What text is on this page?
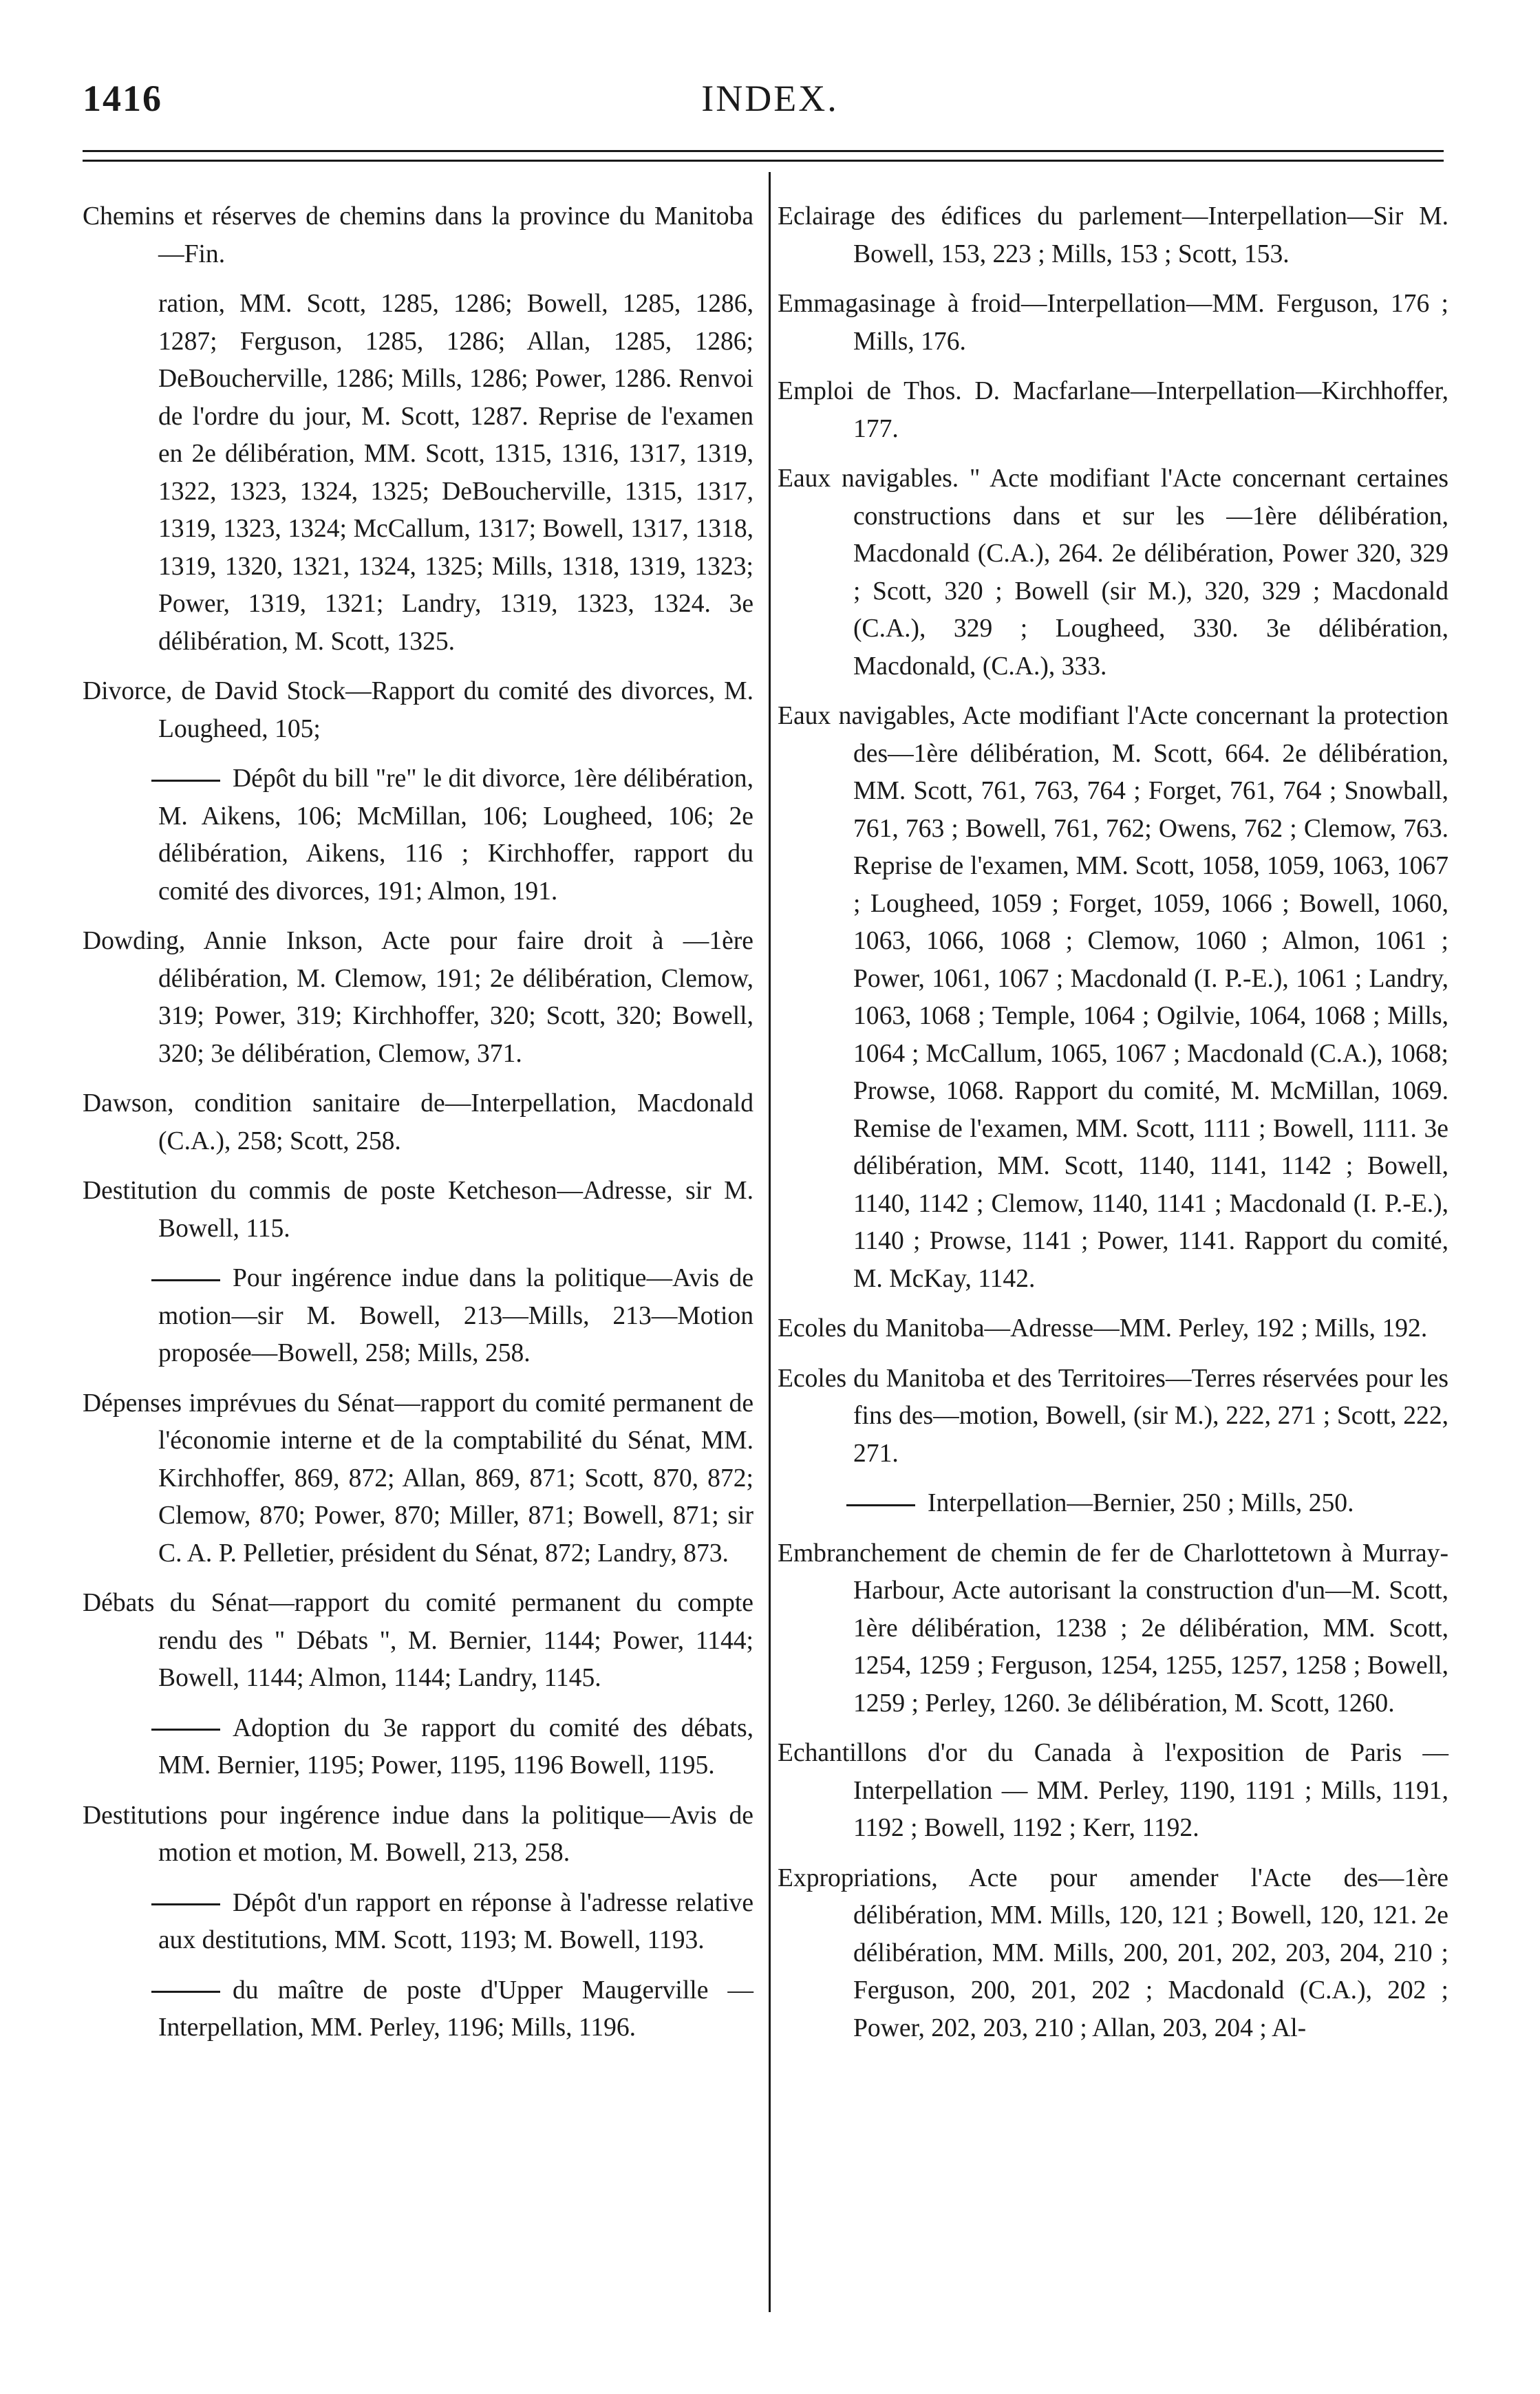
1416	INDEX.
Chemins et réserves de chemins dans la province du Manitoba—Fin.
ration, MM. Scott, 1285, 1286; Bowell, 1285, 1286, 1287; Ferguson, 1285, 1286; Allan, 1285, 1286; DeBoucherville, 1286; Mills, 1286; Power, 1286. Renvoi de l'ordre du jour, M. Scott, 1287. Reprise de l'examen en 2e délibération, MM. Scott, 1315, 1316, 1317, 1319, 1322, 1323, 1324, 1325; DeBoucherville, 1315, 1317, 1319, 1323, 1324; McCallum, 1317; Bowell, 1317, 1318, 1319, 1320, 1321, 1324, 1325; Mills, 1318, 1319, 1323; Power, 1319, 1321; Landry, 1319, 1323, 1324. 3e délibération, M. Scott, 1325.
Divorce, de David Stock—Rapport du comité des divorces, M. Lougheed, 105;
Dépôt du bill "re" le dit divorce, 1ère délibération, M. Aikens, 106; McMillan, 106; Lougheed, 106; 2e délibération, Aikens, 116 ; Kirchhoffer, rapport du comité des divorces, 191; Almon, 191.
Dowding, Annie Inkson, Acte pour faire droit à —1ère délibération, M. Clemow, 191; 2e délibération, Clemow, 319; Power, 319; Kirchhoffer, 320; Scott, 320; Bowell, 320; 3e délibération, Clemow, 371.
Dawson, condition sanitaire de—Interpellation, Macdonald (C.A.), 258; Scott, 258.
Destitution du commis de poste Ketcheson—Adresse, sir M. Bowell, 115.
Pour ingérence indue dans la politique—Avis de motion—sir M. Bowell, 213—Mills, 213—Motion proposée—Bowell, 258; Mills, 258.
Dépenses imprévues du Sénat—rapport du comité permanent de l'économie interne et de la comptabilité du Sénat, MM. Kirchhoffer, 869, 872; Allan, 869, 871; Scott, 870, 872; Clemow, 870; Power, 870; Miller, 871; Bowell, 871; sir C. A. P. Pelletier, président du Sénat, 872; Landry, 873.
Débats du Sénat—rapport du comité permanent du compte rendu des " Débats ", M. Bernier, 1144; Power, 1144; Bowell, 1144; Almon, 1144; Landry, 1145.
Adoption du 3e rapport du comité des débats, MM. Bernier, 1195; Power, 1195, 1196 Bowell, 1195.
Destitutions pour ingérence indue dans la politique—Avis de motion et motion, M. Bowell, 213, 258.
Dépôt d'un rapport en réponse à l'adresse relative aux destitutions, MM. Scott, 1193; M. Bowell, 1193.
du maître de poste d'Upper Maugerville —Interpellation, MM. Perley, 1196; Mills, 1196.
Eclairage des édifices du parlement—Interpellation—Sir M. Bowell, 153, 223 ; Mills, 153 ; Scott, 153.
Emmagasinage à froid—Interpellation—MM. Ferguson, 176 ; Mills, 176.
Emploi de Thos. D. Macfarlane—Interpellation—Kirchhoffer, 177.
Eaux navigables. " Acte modifiant l'Acte concernant certaines constructions dans et sur les —1ère délibération, Macdonald (C.A.), 264. 2e délibération, Power 320, 329 ; Scott, 320 ; Bowell (sir M.), 320, 329 ; Macdonald (C.A.), 329 ; Lougheed, 330. 3e délibération, Macdonald, (C.A.), 333.
Eaux navigables, Acte modifiant l'Acte concernant la protection des—1ère délibération, M. Scott, 664. 2e délibération, MM. Scott, 761, 763, 764 ; Forget, 761, 764 ; Snowball, 761, 763 ; Bowell, 761, 762; Owens, 762 ; Clemow, 763. Reprise de l'examen, MM. Scott, 1058, 1059, 1063, 1067 ; Lougheed, 1059 ; Forget, 1059, 1066 ; Bowell, 1060, 1063, 1066, 1068 ; Clemow, 1060 ; Almon, 1061 ; Power, 1061, 1067 ; Macdonald (I. P.-E.), 1061 ; Landry, 1063, 1068 ; Temple, 1064 ; Ogilvie, 1064, 1068 ; Mills, 1064 ; McCallum, 1065, 1067 ; Macdonald (C.A.), 1068; Prowse, 1068. Rapport du comité, M. McMillan, 1069. Remise de l'examen, MM. Scott, 1111 ; Bowell, 1111. 3e délibération, MM. Scott, 1140, 1141, 1142 ; Bowell, 1140, 1142 ; Clemow, 1140, 1141 ; Macdonald (I. P.-E.), 1140 ; Prowse, 1141 ; Power, 1141. Rapport du comité, M. McKay, 1142.
Ecoles du Manitoba—Adresse—MM. Perley, 192 ; Mills, 192.
Ecoles du Manitoba et des Territoires—Terres réservées pour les fins des—motion, Bowell, (sir M.), 222, 271 ; Scott, 222, 271.
Interpellation—Bernier, 250 ; Mills, 250.
Embranchement de chemin de fer de Charlottetown à Murray-Harbour, Acte autorisant la construction d'un—M. Scott, 1ère délibération, 1238 ; 2e délibération, MM. Scott, 1254, 1259 ; Ferguson, 1254, 1255, 1257, 1258 ; Bowell, 1259 ; Perley, 1260. 3e délibération, M. Scott, 1260.
Echantillons d'or du Canada à l'exposition de Paris — Interpellation — MM. Perley, 1190, 1191 ; Mills, 1191, 1192 ; Bowell, 1192 ; Kerr, 1192.
Expropriations, Acte pour amender l'Acte des—1ère délibération, MM. Mills, 120, 121 ; Bowell, 120, 121. 2e délibération, MM. Mills, 200, 201, 202, 203, 204, 210 ; Ferguson, 200, 201, 202 ; Macdonald (C.A.), 202 ; Power, 202, 203, 210 ; Allan, 203, 204 ; Al-
